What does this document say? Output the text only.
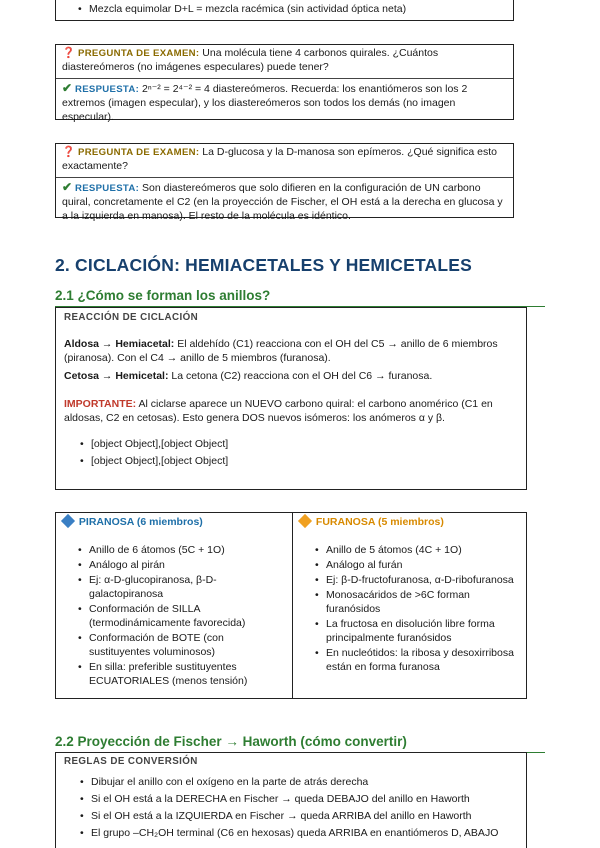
• Mezcla equimolar D+L = mezcla racémica (sin actividad óptica neta)
❓ PREGUNTA DE EXAMEN: Una molécula tiene 4 carbonos quirales. ¿Cuántos diastereómeros (no imágenes especulares) puede tener?
✔ RESPUESTA: 2ⁿ⁻² = 2⁴⁻² = 4 diastereómeros. Recuerda: los enantiómeros son los 2 extremos (imagen especular), y los diastereómeros son todos los demás (no imagen especular).
❓ PREGUNTA DE EXAMEN: La D-glucosa y la D-manosa son epímeros. ¿Qué significa esto exactamente?
✔ RESPUESTA: Son diastereómeros que solo difieren en la configuración de UN carbono quiral, concretamente el C2 (en la proyección de Fischer, el OH está a la derecha en glucosa y a la izquierda en manosa). El resto de la molécula es idéntico.
2. CICLACIÓN: HEMIACETALES Y HEMICETALES
2.1 ¿Cómo se forman los anillos?
REACCIÓN DE CICLACIÓN
Aldosa → Hemiacetal: El aldehído (C1) reacciona con el OH del C5 → anillo de 6 miembros (piranosa). Con el C4 → anillo de 5 miembros (furanosa).
Cetosa → Hemicetal: La cetona (C2) reacciona con el OH del C6 → furanosa.
IMPORTANTE: Al ciclarse aparece un NUEVO carbono quiral: el carbono anomérico (C1 en aldosas, C2 en cetosas). Esto genera DOS nuevos isómeros: los anómeros α y β.
• [object Object],[object Object]
• [object Object],[object Object]
PIRANOSA (6 miembros)
• Anillo de 6 átomos (5C + 1O)
• Análogo al pirán
• Ej: α-D-glucopiranosa, β-D-galactopiranosa
• Conformación de SILLA (termodinámicamente favorecida)
• Conformación de BOTE (con sustituyentes voluminosos)
• En silla: preferible sustituyentes ECUATORIALES (menos tensión)
FURANOSA (5 miembros)
• Anillo de 5 átomos (4C + 1O)
• Análogo al furán
• Ej: β-D-fructofuranosa, α-D-ribofuranosa
• Monosacáridos de >6C forman furanósidos
• La fructosa en disolución libre forma principalmente furanósidos
• En nucleótidos: la ribosa y desoxirribosa están en forma furanosa
2.2 Proyección de Fischer → Haworth (cómo convertir)
REGLAS DE CONVERSIÓN
• Dibujar el anillo con el oxígeno en la parte de atrás derecha
• Si el OH está a la DERECHA en Fischer → queda DEBAJO del anillo en Haworth
• Si el OH está a la IZQUIERDA en Fischer → queda ARRIBA del anillo en Haworth
• El grupo –CH₂OH terminal (C6 en hexosas) queda ARRIBA en enantiómeros D, ABAJO
